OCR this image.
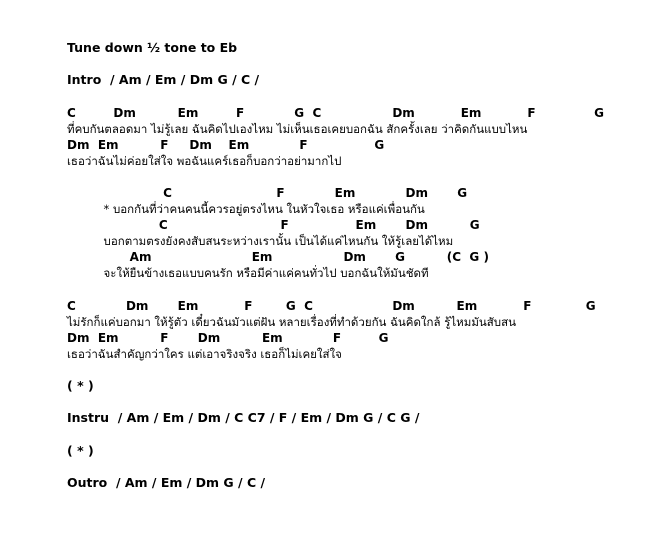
Tune down ½ tone to Eb
Intro  / Am / Em / Dm G / C /
C         Dm          Em         F            G  C                 Dm           Em           F              G
ที่คบกันตลอดมา ไม่รู้เลย ฉันคิดไปเองไหม ไม่เห็นเธอเคยบอกฉัน สักครั้งเลย ว่าคิดกันแบบไหน
Dm  Em          F     Dm    Em            F                G
เธอว่าฉันไม่ค่อยใส่ใจ พอฉันแคร์เธอก็บอกว่าอย่ามากไป
C                         F            Em            Dm       G
* บอกกันที่ว่าคนคนนี้ควรอยู่ตรงไหน ในหัวใจเธอ หรือแค่เพื่อนกัน
C                           F                Em       Dm          G
บอกตามตรงยังคงสับสนระหว่างเรานั้น เป็นได้แค่ไหนกัน ให้รู้เลยได้ไหม
Am                        Em                 Dm       G          (C  G )
จะให้ยืนข้างเธอแบบคนรัก หรือมีค่าแค่คนทั่วไป บอกฉันให้มันชัดที
C            Dm       Em           F        G  C                   Dm          Em           F             G
ไม่รักก็แค่บอกมา ให้รู้ตัว เดี๋ยวฉันมัวแต่ฝัน หลายเรื่องที่ทำด้วยกัน ฉันคิดใกล้ รู้ไหมมันสับสน
Dm  Em          F       Dm          Em            F         G
เธอว่าฉันสำคัญกว่าใคร แต่เอาจริงจริง เธอก็ไม่เคยใส่ใจ
( * )
Instru  / Am / Em / Dm / C C7 / F / Em / Dm G / C G /
( * )
Outro  / Am / Em / Dm G / C /
